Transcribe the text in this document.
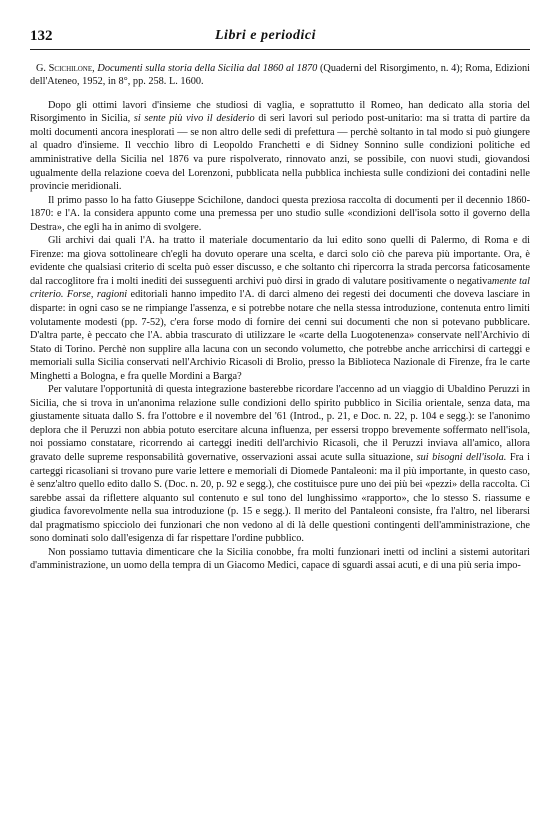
132	Libri e periodici
G. Scichilone, Documenti sulla storia della Sicilia dal 1860 al 1870 (Quaderni del Risorgimento, n. 4); Roma, Edizioni dell'Ateneo, 1952, in 8°, pp. 258. L. 1600.

Dopo gli ottimi lavori d'insieme che studiosi di vaglia, e soprattutto il Romeo, han dedicato alla storia del Risorgimento in Sicilia, si sente più vivo il desiderio di seri lavori sul periodo post-unitario: ma si tratta di partire da molti documenti ancora inesplorati — se non altro delle sedi di prefettura — perchè soltanto in tal modo si può giungere al quadro d'insieme. Il vecchio libro di Leopoldo Franchetti e di Sidney Sonnino sulle condizioni politiche ed amministrative della Sicilia nel 1876 va pure rispolverato, rinnovato anzi, se possibile, con nuovi studi, giovandosi ugualmente della relazione coeva del Lorenzoni, pubblicata nella pubblica inchiesta sulle condizioni dei contadini nelle provincie meridionali.

Il primo passo lo ha fatto Giuseppe Scichilone, dandoci questa preziosa raccolta di documenti per il decennio 1860-1870: e l'A. la considera appunto come una premessa per uno studio sulle «condizioni dell'isola sotto il governo della Destra», che egli ha in animo di svolgere.

Gli archivi dai quali l'A. ha tratto il materiale documentario da lui edito sono quelli di Palermo, di Roma e di Firenze: ma giova sottolineare ch'egli ha dovuto operare una scelta, e darci solo ciò che pareva più importante. Ora, è evidente che qualsiasi criterio di scelta può esser discusso, e che soltanto chi ripercorra la strada percorsa faticosamente dal raccoglitore fra i molti inediti dei susseguenti archivi può dirsi in grado di valutare positivamente o negativamente tal criterio. Forse, ragioni editoriali hanno impedito l'A. di darci almeno dei regesti dei documenti che doveva lasciare in disparte: in ogni caso se ne rimpiange l'assenza, e si potrebbe notare che nella stessa introduzione, contenuta entro limiti volutamente modesti (pp. 7-52), c'era forse modo di fornire dei cenni sui documenti che non si potevano pubblicare. D'altra parte, è peccato che l'A. abbia trascurato di utilizzare le «carte della Luogotenenza» conservate nell'Archivio di Stato di Torino. Perchè non supplire alla lacuna con un secondo volumetto, che potrebbe anche arricchirsi di carteggi e memoriali sulla Sicilia conservati nell'Archivio Ricasoli di Brolio, presso la Biblioteca Nazionale di Firenze, fra le carte Minghetti a Bologna, e fra quelle Mordini a Barga?

Per valutare l'opportunità di questa integrazione basterebbe ricordare l'accenno ad un viaggio di Ubaldino Peruzzi in Sicilia, che si trova in un'anonima relazione sulle condizioni dello spirito pubblico in Sicilia orientale, senza data, ma giustamente situata dallo S. fra l'ottobre e il novembre del '61 (Introd., p. 21, e Doc. n. 22, p. 104 e segg.): se l'anonimo deplora che il Peruzzi non abbia potuto esercitare alcuna influenza, per essersi troppo brevemente soffermato nell'isola, noi possiamo constatare, ricorrendo ai carteggi inediti dell'archivio Ricasoli, che il Peruzzi inviava all'amico, allora gravato delle supreme responsabilità governative, osservazioni assai acute sulla situazione, sui bisogni dell'isola. Fra i carteggi ricasoliani si trovano pure varie lettere e memoriali di Diomede Pantaleoni: ma il più importante, in questo caso, è senz'altro quello edito dallo S. (Doc. n. 20, p. 92 e segg.), che costituisce pure uno dei più bei «pezzi» della raccolta. Ci sarebbe assai da riflettere alquanto sul contenuto e sul tono del lunghissimo «rapporto», che lo stesso S. riassume e giudica favorevolmente nella sua introduzione (p. 15 e segg.). Il merito del Pantaleoni consiste, fra l'altro, nel liberarsi dal pragmatismo spicciolo dei funzionari che non vedono al di là delle questioni contingenti dell'amministrazione, che sono dominati solo dall'esigenza di far rispettare l'ordine pubblico.

Non possiamo tuttavia dimenticare che la Sicilia conobbe, fra molti funzionari inetti od inclini a sistemi autoritari d'amministrazione, un uomo della tempra di un Giacomo Medici, capace di sguardi assai acuti, e di una più seria impo-
